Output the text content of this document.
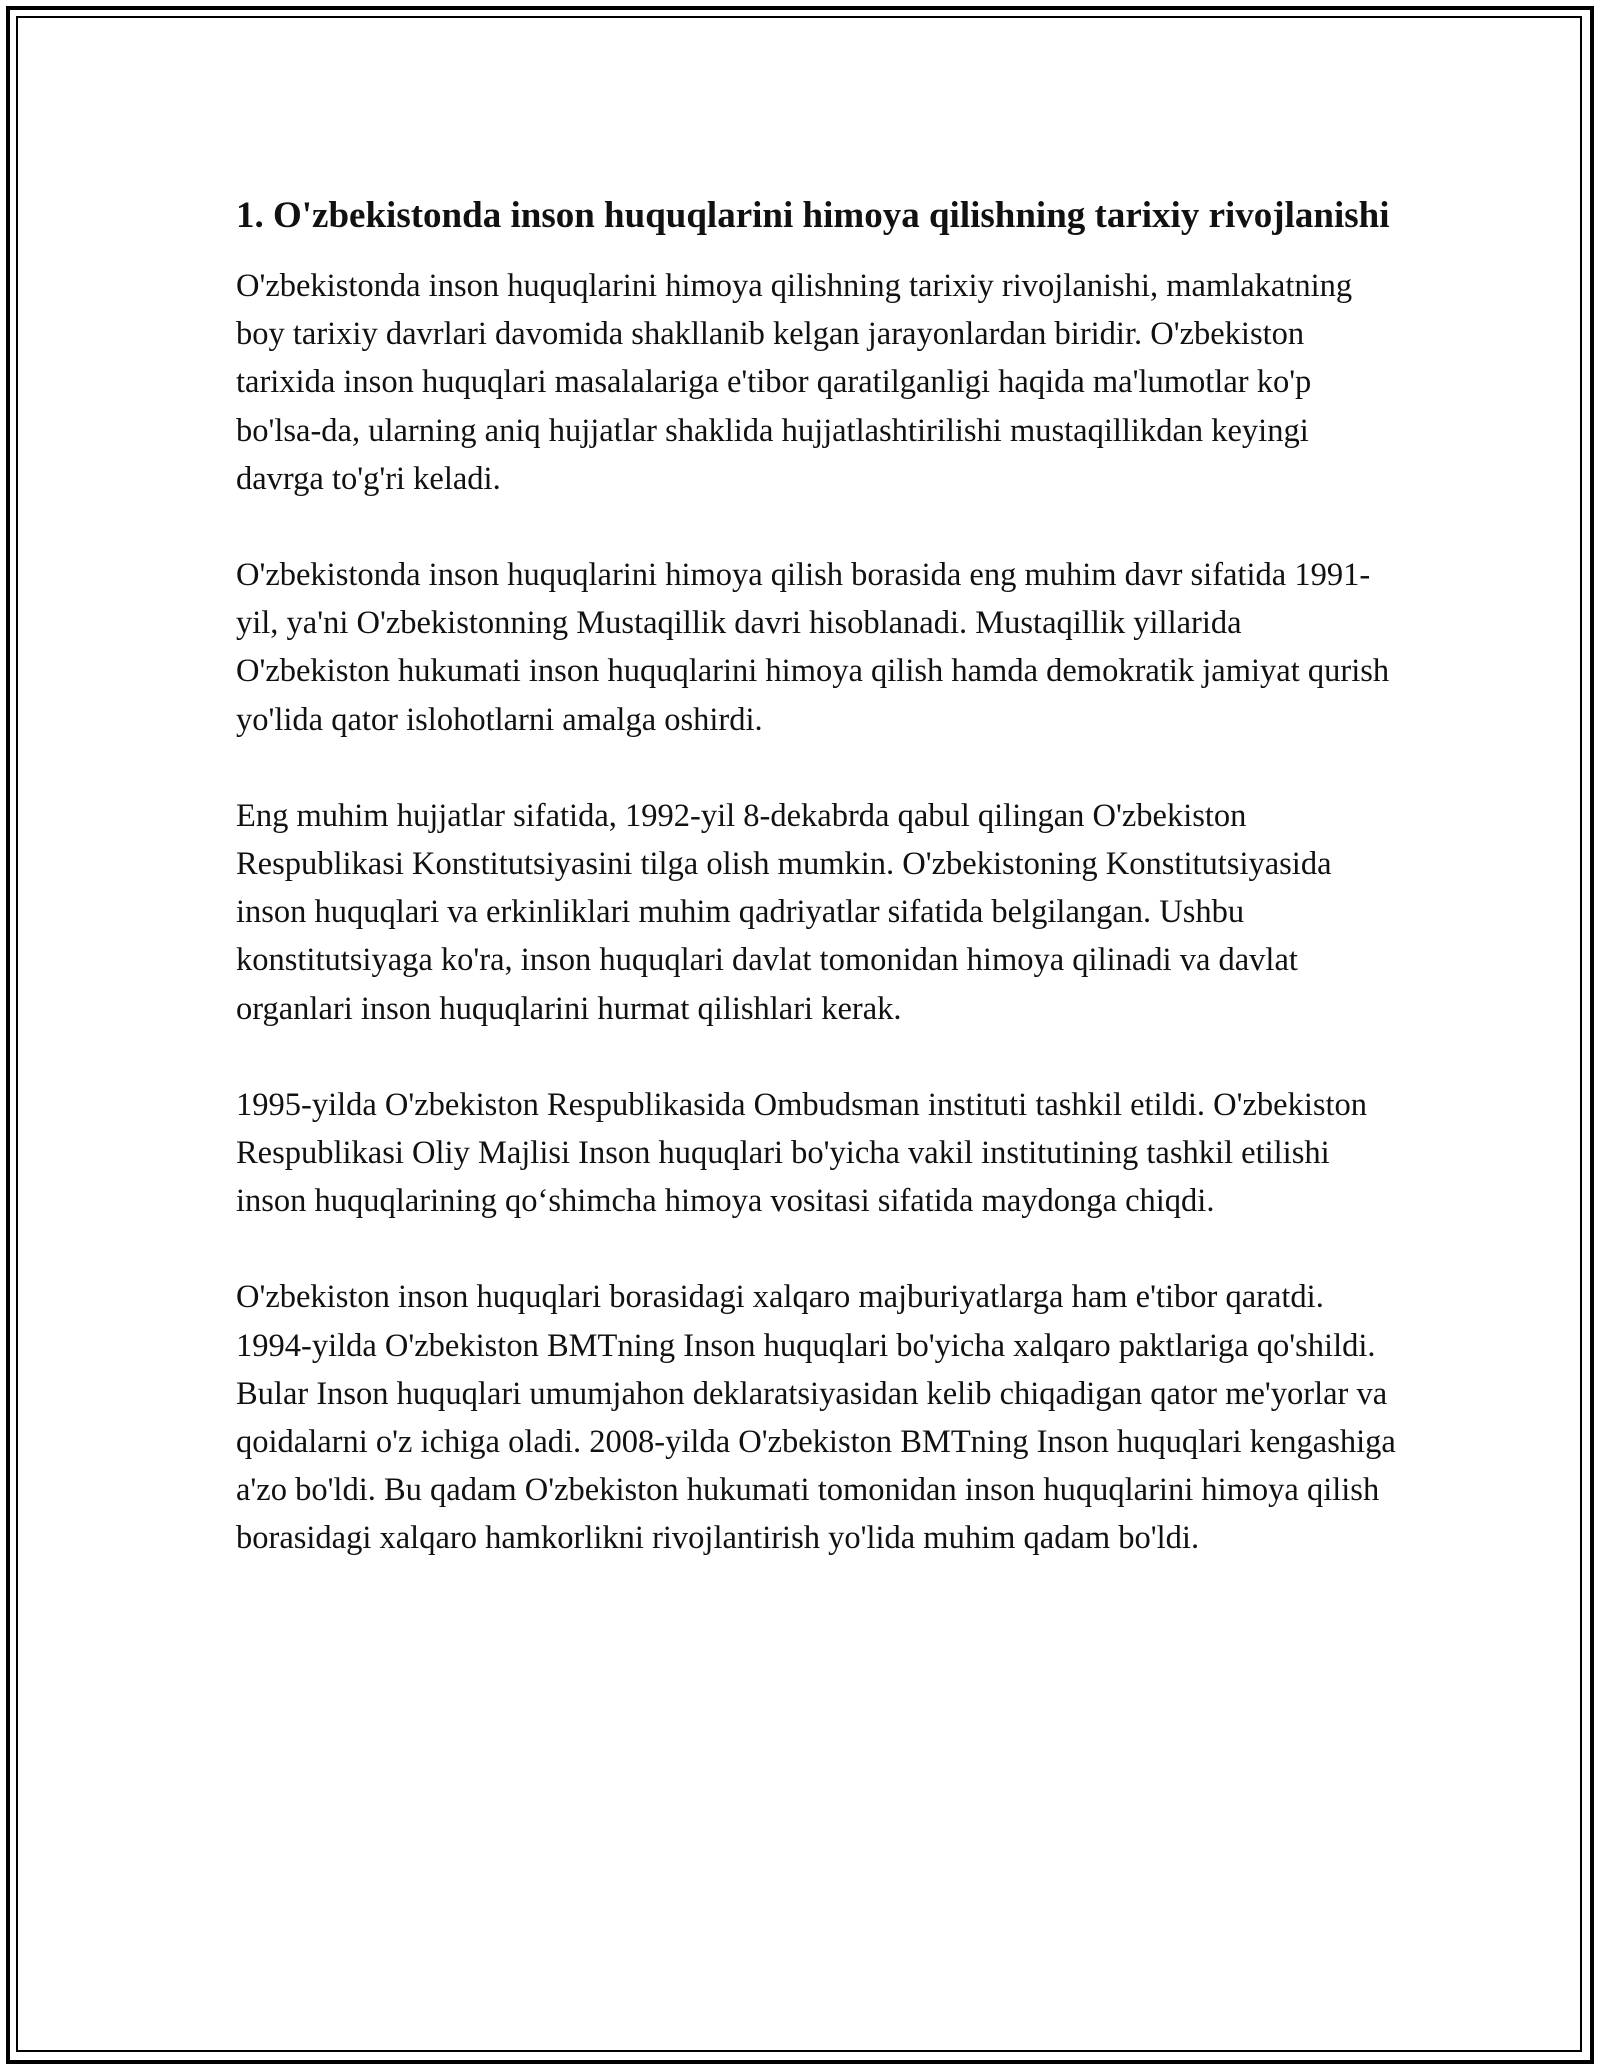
1. O'zbekistonda inson huquqlarini himoya qilishning tarixiy rivojlanishi

O'zbekistonda inson huquqlarini himoya qilishning tarixiy rivojlanishi, mamlakatning boy tarixiy davrlari davomida shakllanib kelgan jarayonlardan biridir. O'zbekiston tarixida inson huquqlari masalalariga e'tibor qaratilganligi haqida ma'lumotlar ko'p bo'lsa-da, ularning aniq hujjatlar shaklida hujjatlashtirilishi mustaqillikdan keyingi davrga to'g'ri keladi.

O'zbekistonda inson huquqlarini himoya qilish borasida eng muhim davr sifatida 1991-yil, ya'ni O'zbekistonning Mustaqillik davri hisoblanadi. Mustaqillik yillarida O'zbekiston hukumati inson huquqlarini himoya qilish hamda demokratik jamiyat qurish yo'lida qator islohotlarni amalga oshirdi.

Eng muhim hujjatlar sifatida, 1992-yil 8-dekabrda qabul qilingan O'zbekiston Respublikasi Konstitutsiyasini tilga olish mumkin. O'zbekistoning Konstitutsiyasida inson huquqlari va erkinliklari muhim qadriyatlar sifatida belgilangan. Ushbu konstitutsiyaga ko'ra, inson huquqlari davlat tomonidan himoya qilinadi va davlat organlari inson huquqlarini hurmat qilishlari kerak.

1995-yilda O'zbekiston Respublikasida Ombudsman instituti tashkil etildi. O'zbekiston Respublikasi Oliy Majlisi Inson huquqlari bo'yicha vakil institutining tashkil etilishi inson huquqlarining qo‘shimcha himoya vositasi sifatida maydonga chiqdi.

O'zbekiston inson huquqlari borasidagi xalqaro majburiyatlarga ham e'tibor qaratdi. 1994-yilda O'zbekiston BMTning Inson huquqlari bo'yicha xalqaro paktlariga qo'shildi. Bular Inson huquqlari umumjahon deklaratsiyasidan kelib chiqadigan qator me'yorlar va qoidalarni o'z ichiga oladi. 2008-yilda O'zbekiston BMTning Inson huquqlari kengashiga a'zo bo'ldi. Bu qadam O'zbekiston hukumati tomonidan inson huquqlarini himoya qilish borasidagi xalqaro hamkorlikni rivojlantirish yo'lida muhim qadam bo'ldi.
